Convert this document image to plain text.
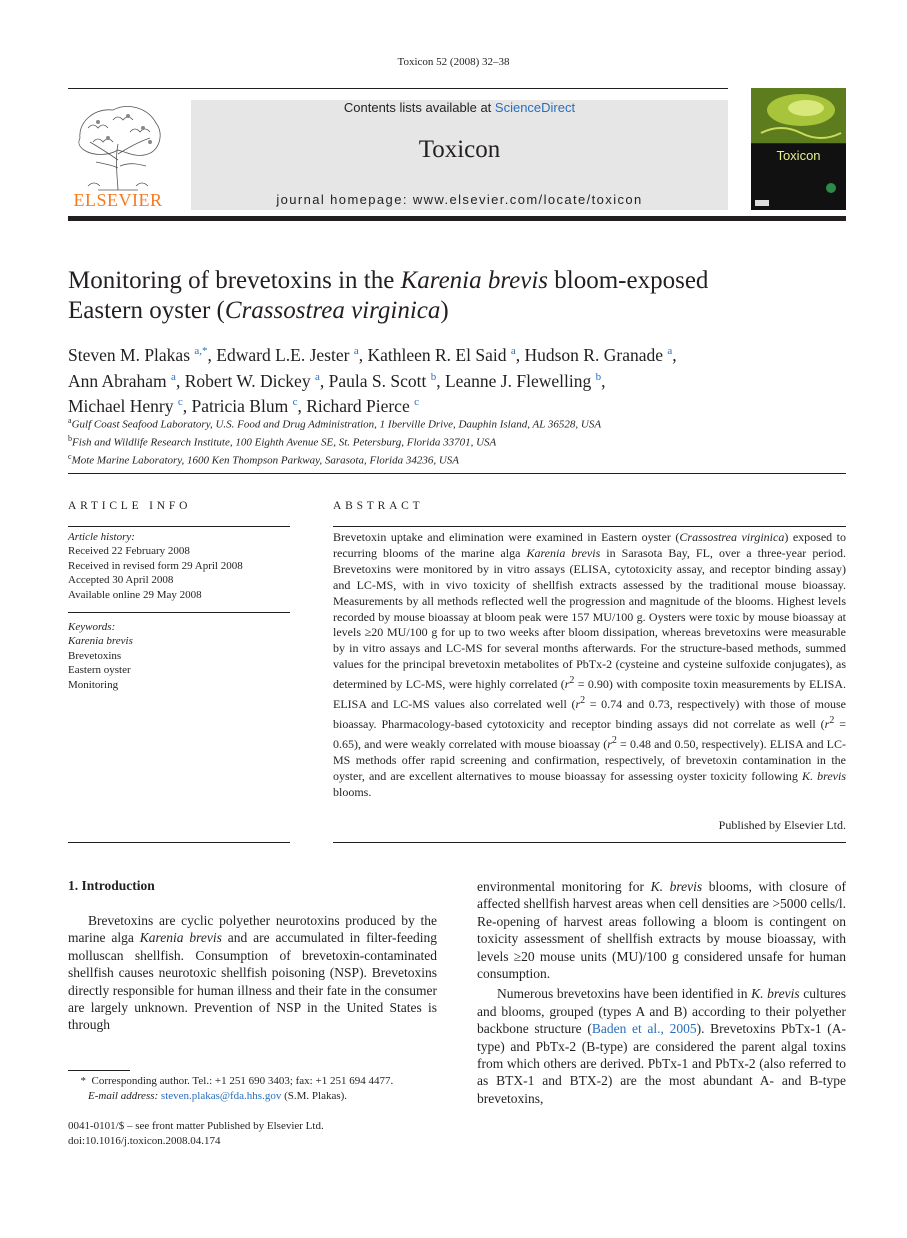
Toxicon 52 (2008) 32–38
ELSEVIER
Contents lists available at ScienceDirect
Toxicon
journal homepage: www.elsevier.com/locate/toxicon
Toxicon
Monitoring of brevetoxins in the Karenia brevis bloom-exposed
Eastern oyster (Crassostrea virginica)
Steven M. Plakas $^{a,*}$, Edward L.E. Jester $^a$, Kathleen R. El Said $^a$, Hudson R. Granade $^a$,
Ann Abraham $^a$, Robert W. Dickey $^a$, Paula S. Scott $^b$, Leanne J. Flewelling $^b$,
Michael Henry $^c$, Patricia Blum $^c$, Richard Pierce $^c$
$^a$Gulf Coast Seafood Laboratory, U.S. Food and Drug Administration, 1 Iberville Drive, Dauphin Island, AL 36528, USA
$^b$Fish and Wildlife Research Institute, 100 Eighth Avenue SE, St. Petersburg, Florida 33701, USA
$^c$Mote Marine Laboratory, 1600 Ken Thompson Parkway, Sarasota, Florida 34236, USA
ARTICLE INFO
Article history:
Received 22 February 2008
Received in revised form 29 April 2008
Accepted 30 April 2008
Available online 29 May 2008
Keywords:
Karenia brevis
Brevetoxins
Eastern oyster
Monitoring
ABSTRACT
Brevetoxin uptake and elimination were examined in Eastern oyster (Crassostrea virginica) exposed to recurring blooms of the marine alga Karenia brevis in Sarasota Bay, FL, over a three-year period. Brevetoxins were monitored by in vitro assays (ELISA, cytotoxicity assay, and receptor binding assay) and LC-MS, with in vivo toxicity of shellfish extracts assessed by the traditional mouse bioassay. Measurements by all methods reflected well the progression and magnitude of the blooms. Highest levels recorded by mouse bioassay at bloom peak were 157 MU/100 g. Oysters were toxic by mouse bioassay at levels ≥20 MU/100 g for up to two weeks after bloom dissipation, whereas brevetoxins were measurable by in vitro assays and LC-MS for several months afterwards. For the structure-based methods, summed values for the principal brevetoxin metabolites of PbTx-2 (cysteine and cysteine sulfoxide conjugates), as determined by LC-MS, were highly correlated $(r^2 = 0.90)$ with composite toxin measurements by ELISA. ELISA and LC-MS values also correlated well ($r^2 = 0.74$ and 0.73, respectively) with those of mouse bioassay. Pharmacology-based cytotoxicity and receptor binding assays did not correlate as well $(r^2 = 0.65)$, and were weakly correlated with mouse bioassay ($r^2 = 0.48$ and 0.50, respectively). ELISA and LC-MS methods offer rapid screening and confirmation, respectively, of brevetoxin contamination in the oyster, and are excellent alternatives to mouse bioassay for assessing oyster toxicity following K. brevis blooms.
Published by Elsevier Ltd.
1. Introduction

Brevetoxins are cyclic polyether neurotoxins produced by the marine alga Karenia brevis and are accumulated in filter-feeding molluscan shellfish. Consumption of brevetoxin-contaminated shellfish causes neurotoxic shellfish poisoning (NSP). Brevetoxins directly responsible for human illness and their fate in the consumer are largely unknown. Prevention of NSP in the United States is through

environmental monitoring for K. brevis blooms, with closure of affected shellfish harvest areas when cell densities are >5000 cells/l. Re-opening of harvest areas following a bloom is contingent on toxicity assessment of shellfish extracts by mouse bioassay, with levels ≥20 mouse units (MU)/100 g considered unsafe for human consumption.

Numerous brevetoxins have been identified in K. brevis cultures and blooms, grouped (types A and B) according to their polyether backbone structure (Baden et al., 2005). Brevetoxins PbTx-1 (A-type) and PbTx-2 (B-type) are considered the parent algal toxins from which others are derived. PbTx-1 and PbTx-2 (also referred to as BTX-1 and BTX-2) are the most abundant A- and B-type brevetoxins,

* Corresponding author. Tel.: +1 251 690 3403; fax: +1 251 694 4477.
E-mail address: steven.plakas@fda.hhs.gov (S.M. Plakas).
0041-0101/$ – see front matter Published by Elsevier Ltd.
doi:10.1016/j.toxicon.2008.04.174
